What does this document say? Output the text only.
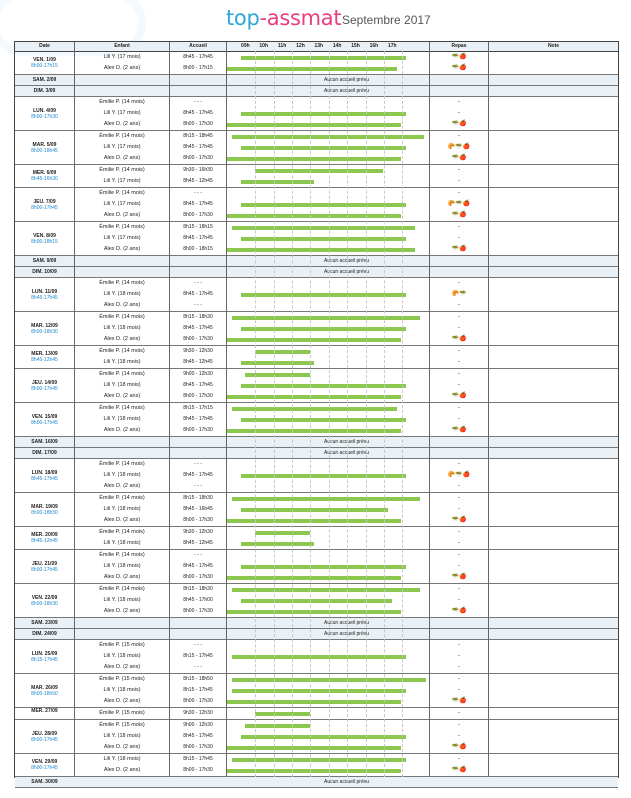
top-assmat Septembre 2017
Date	Enfant	Accueil	09h	10h	11h	12h	13h	14h	15h	16h	17h	Repas	Note
VEN. 1/09
8h00-17h15
Lili Y. (17 mois)	8h45 - 17h45	🥗🍎
Alex D. (2 ans)	8h00 - 17h15	🥗🍎
SAM. 2/09	Aucun accueil prévu
DIM. 3/09	Aucun accueil prévu
LUN. 4/09
8h00-17h30
Émilie P. (14 mois)	- - -	-
Lili Y. (17 mois)	8h45 - 17h45	-
Alex D. (2 ans)	8h00 - 17h30	🥗🍎
MAR. 5/09
8h00-18h45
Émilie P. (14 mois)	8h15 - 18h45	-
Lili Y. (17 mois)	8h45 - 17h45	🥐🥗🍎
Alex D. (2 ans)	8h00 - 17h30	🥗🍎
MER. 6/09
8h45-16h30
Émilie P. (14 mois)	9h30 - 16h30	-
Lili Y. (17 mois)	8h45 - 12h45	-
JEU. 7/09
8h00-17h45
Émilie P. (14 mois)	- - -	-
Lili Y. (17 mois)	8h45 - 17h45	🥐🥗🍎
Alex D. (2 ans)	8h00 - 17h30	🥗🍎
VEN. 8/09
8h00-18h15
Émilie P. (14 mois)	8h15 - 18h15	-
Lili Y. (17 mois)	8h45 - 17h45	-
Alex D. (2 ans)	8h00 - 18h15	🥗🍎
SAM. 9/09	Aucun accueil prévu
DIM. 10/09	Aucun accueil prévu
LUN. 11/09
8h45-17h45
Émilie P. (14 mois)	- - -	-
Lili Y. (18 mois)	8h45 - 17h45	🥐🥗
Alex D. (2 ans)	- - -	-
MAR. 12/09
8h00-18h30
Émilie P. (14 mois)	8h15 - 18h30	-
Lili Y. (18 mois)	8h45 - 17h45	-
Alex D. (2 ans)	8h00 - 17h30	🥗🍎
MER. 13/09
8h45-12h45
Émilie P. (14 mois)	9h30 - 12h30	-
Lili Y. (18 mois)	8h45 - 12h45	-
JEU. 14/09
8h00-17h45
Émilie P. (14 mois)	9h00 - 12h30	-
Lili Y. (18 mois)	8h45 - 17h45	-
Alex D. (2 ans)	8h00 - 17h30	🥗🍎
VEN. 15/09
8h00-17h45
Émilie P. (14 mois)	8h15 - 17h15	-
Lili Y. (18 mois)	8h45 - 17h45	-
Alex D. (2 ans)	8h00 - 17h30	🥗🍎
SAM. 16/09	Aucun accueil prévu
DIM. 17/09	Aucun accueil prévu
LUN. 18/09
8h45-17h45
Émilie P. (14 mois)	- - -	-
Lili Y. (18 mois)	8h45 - 17h45	🥐🥗🍎
Alex D. (2 ans)	- - -	-
MAR. 19/09
8h00-18h30
Émilie P. (14 mois)	8h15 - 18h30	-
Lili Y. (18 mois)	8h45 - 16h45	-
Alex D. (2 ans)	8h00 - 17h30	🥗🍎
MER. 20/09
8h45-12h45
Émilie P. (14 mois)	9h30 - 12h30	-
Lili Y. (18 mois)	8h45 - 12h45	-
JEU. 21/09
8h00-17h45
Émilie P. (14 mois)	- - -	-
Lili Y. (18 mois)	8h45 - 17h45	-
Alex D. (2 ans)	8h00 - 17h30	🥗🍎
VEN. 22/09
8h00-18h30
Émilie P. (14 mois)	8h15 - 18h30	-
Lili Y. (18 mois)	8h45 - 17h00	-
Alex D. (2 ans)	8h00 - 17h30	🥗🍎
SAM. 23/09	Aucun accueil prévu
DIM. 24/09	Aucun accueil prévu
LUN. 25/09
8h15-17h45
Émilie P. (15 mois)	- - -	-
Lili Y. (18 mois)	8h15 - 17h45	-
Alex D. (2 ans)	- - -	-
MAR. 26/09
8h00-18h50
Émilie P. (15 mois)	8h15 - 18h50	-
Lili Y. (18 mois)	8h15 - 17h45	-
Alex D. (2 ans)	8h00 - 17h30	🥗🍎
MER. 27/09	Émilie P. (15 mois)	9h30 - 12h30	-
JEU. 28/09
8h00-17h45
Émilie P. (15 mois)	9h00 - 12h30	-
Lili Y. (18 mois)	8h45 - 17h45	-
Alex D. (2 ans)	8h00 - 17h30	🥗🍎
VEN. 29/09
8h00-17h45
Lili Y. (18 mois)	8h15 - 17h45	-
Alex D. (2 ans)	8h00 - 17h30	🥗🍎
SAM. 30/09	Aucun accueil prévu
